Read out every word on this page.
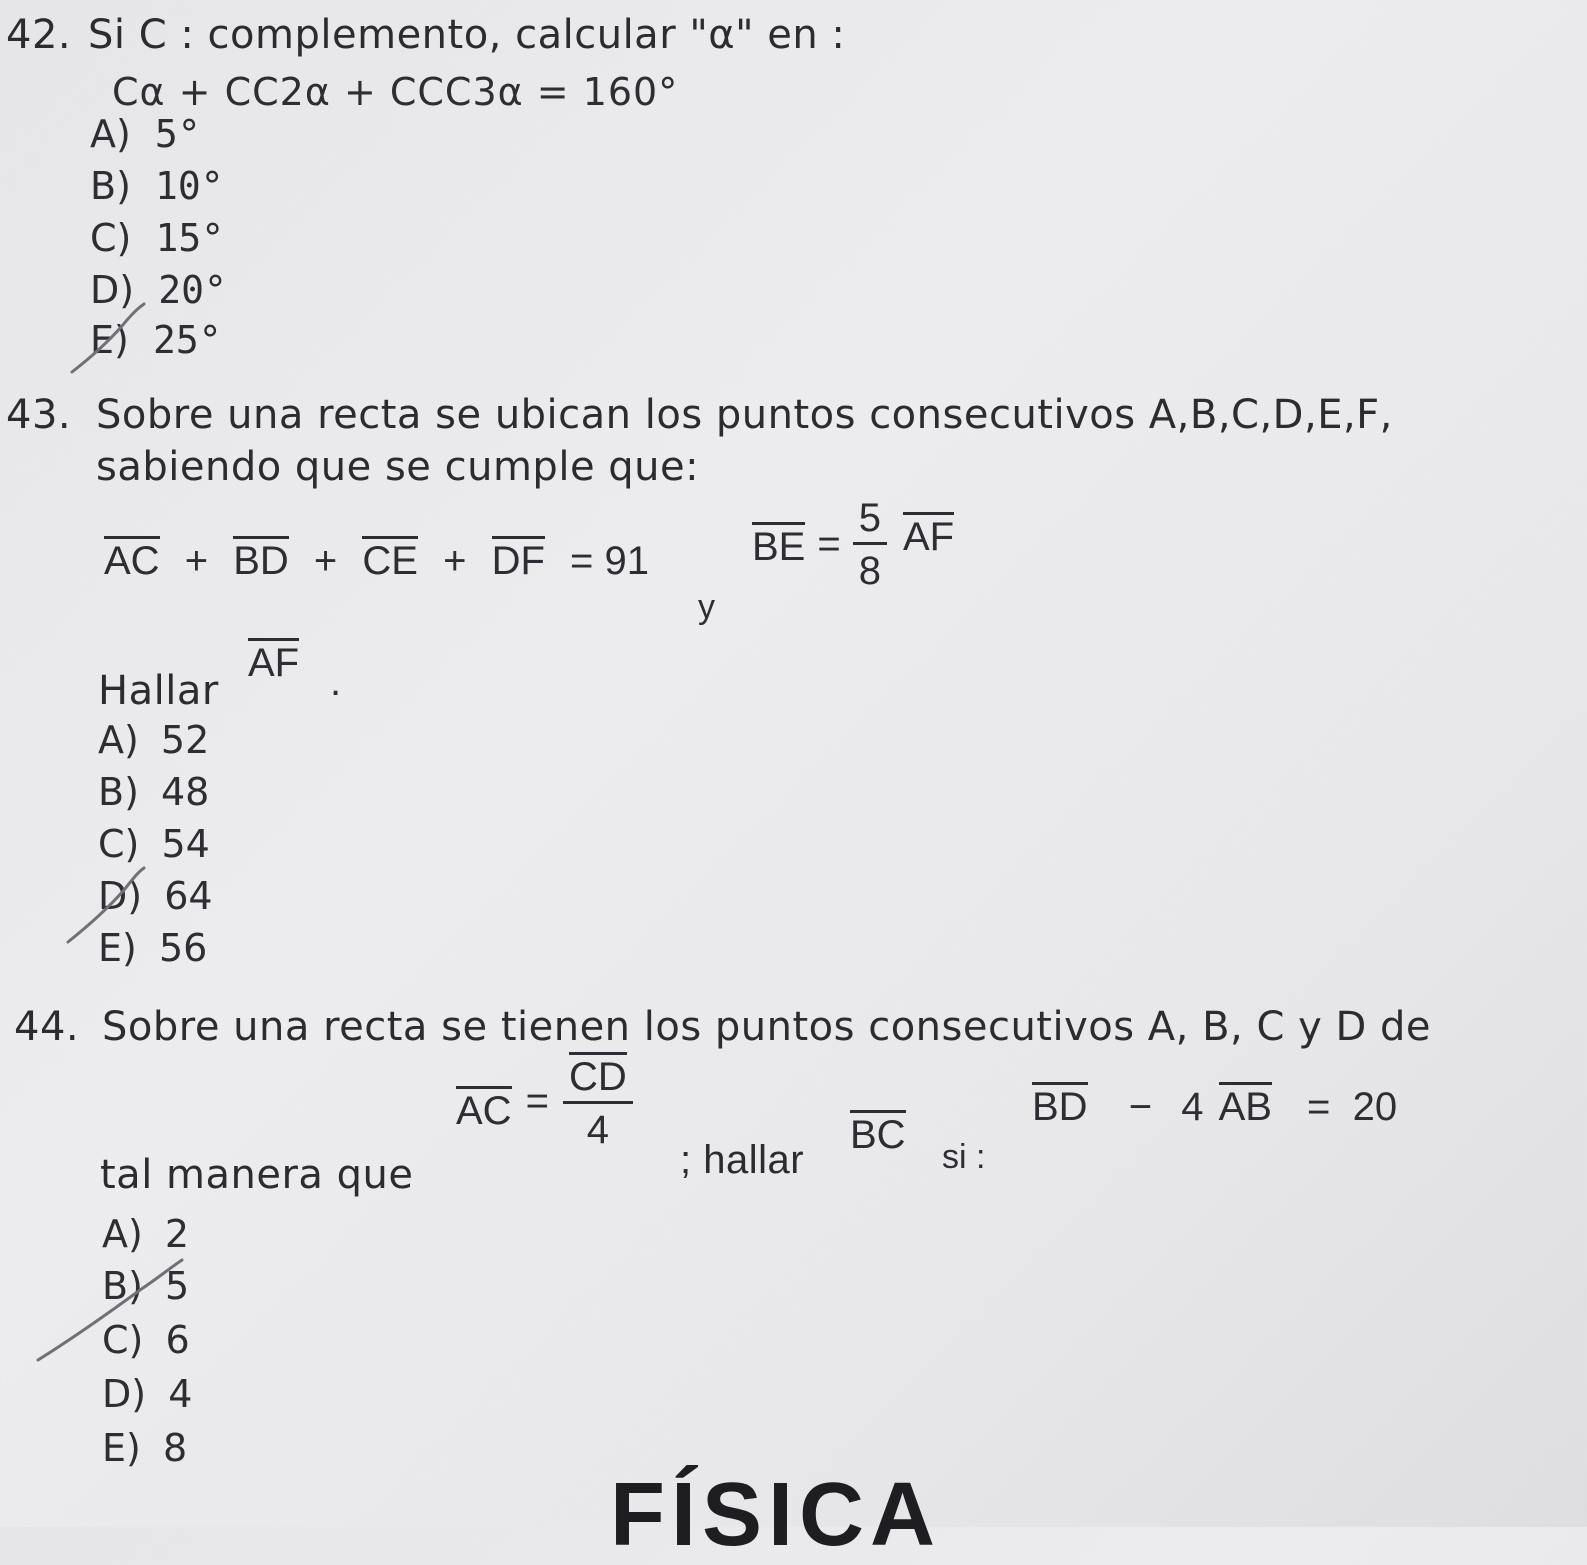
42. Si C : complemento, calcular "α" en :
Cα + CC2α + CCC3α = 160°
A) 5°
B) 10°
C) 15°
D) 20°
E) 25°
43. Sobre una recta se ubican los puntos consecutivos A,B,C,D,E,F,
sabiendo que se cumple que:
AC + BD + CE + DF = 91
y
BE = $\frac{5}{8}$ AF
Hallar
AF .
A) 52
B) 48
C) 54
D) 64
E) 56
44. Sobre una recta se tienen los puntos consecutivos A, B, C y D de
tal manera que
AC = $\frac{CD}{4}$
; hallar
BC si :
BD − 4 AB =  20
A) 2
B) 5
C) 6
D) 4
E) 8
FÍSICA
